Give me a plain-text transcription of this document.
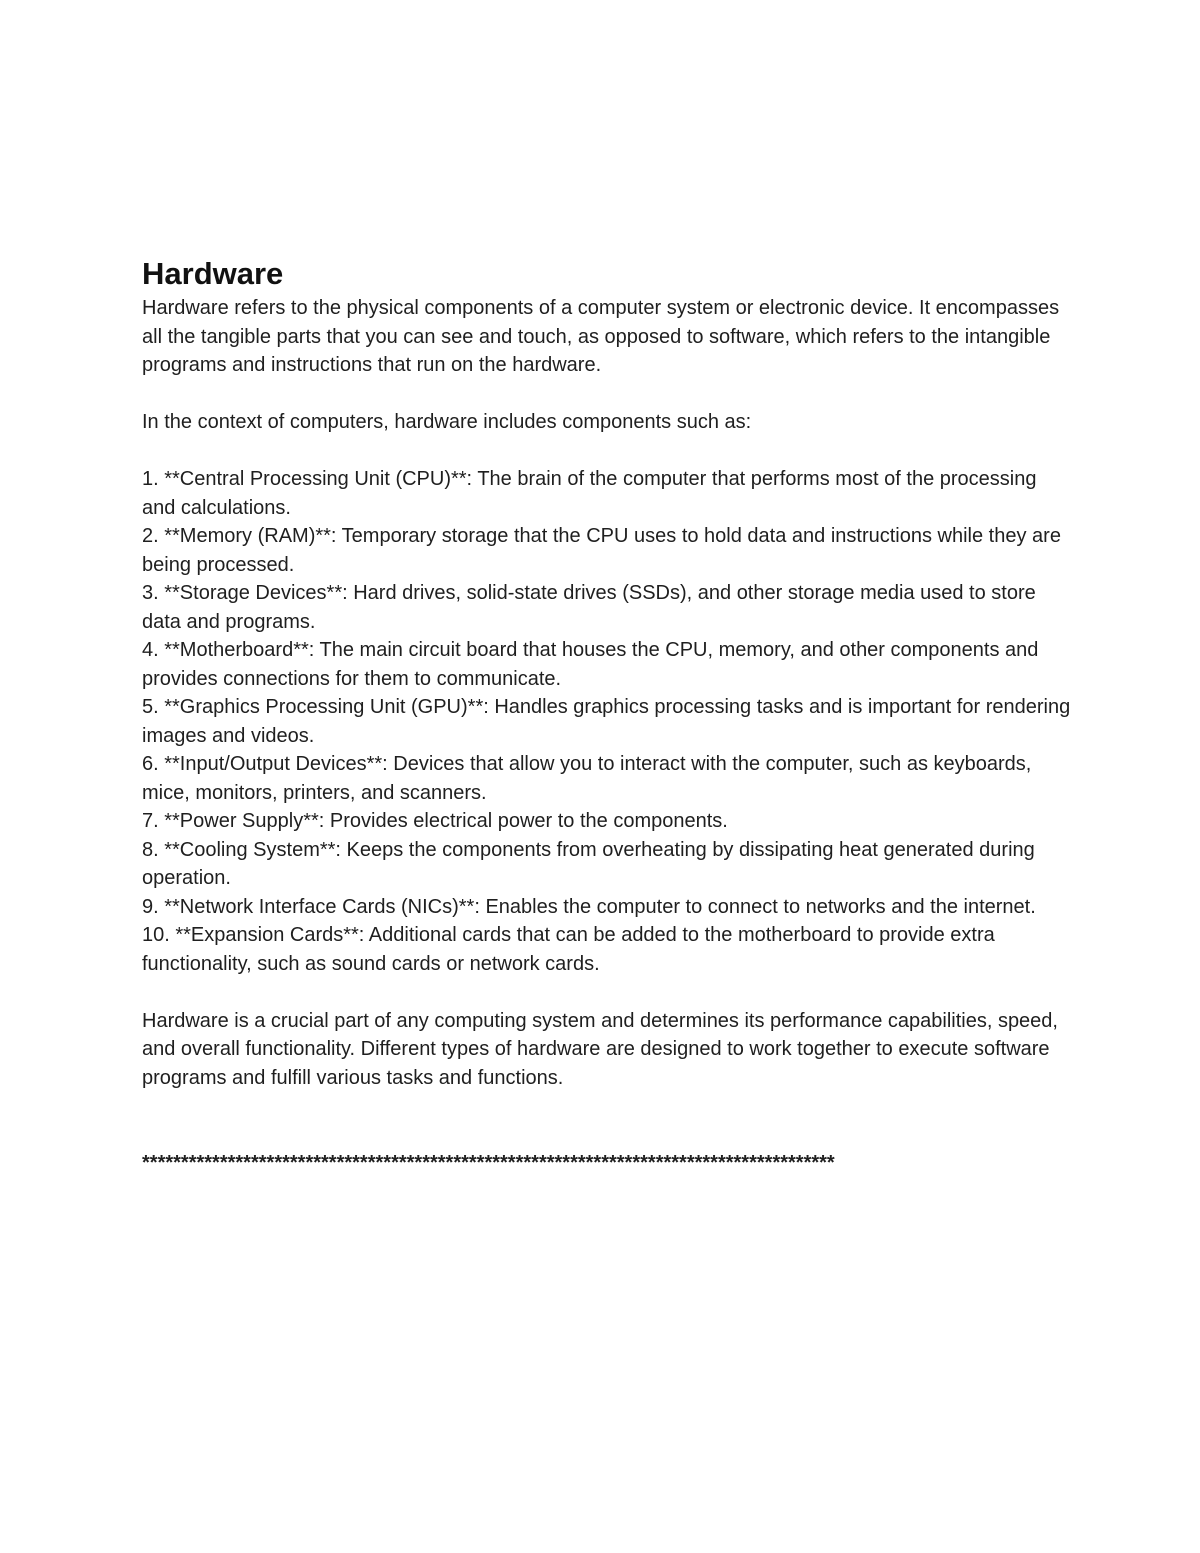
Hardware

Hardware refers to the physical components of a computer system or electronic device. It encompasses all the tangible parts that you can see and touch, as opposed to software, which refers to the intangible programs and instructions that run on the hardware.

In the context of computers, hardware includes components such as:

1. **Central Processing Unit (CPU)**: The brain of the computer that performs most of the processing and calculations.
2. **Memory (RAM)**: Temporary storage that the CPU uses to hold data and instructions while they are being processed.
3. **Storage Devices**: Hard drives, solid-state drives (SSDs), and other storage media used to store data and programs.
4. **Motherboard**: The main circuit board that houses the CPU, memory, and other components and provides connections for them to communicate.
5. **Graphics Processing Unit (GPU)**: Handles graphics processing tasks and is important for rendering images and videos.
6. **Input/Output Devices**: Devices that allow you to interact with the computer, such as keyboards, mice, monitors, printers, and scanners.
7. **Power Supply**: Provides electrical power to the components.
8. **Cooling System**: Keeps the components from overheating by dissipating heat generated during operation.
9. **Network Interface Cards (NICs)**: Enables the computer to connect to networks and the internet.
10. **Expansion Cards**: Additional cards that can be added to the motherboard to provide extra functionality, such as sound cards or network cards.

Hardware is a crucial part of any computing system and determines its performance capabilities, speed, and overall functionality. Different types of hardware are designed to work together to execute software programs and fulfill various tasks and functions.

*****************************************************************************************
